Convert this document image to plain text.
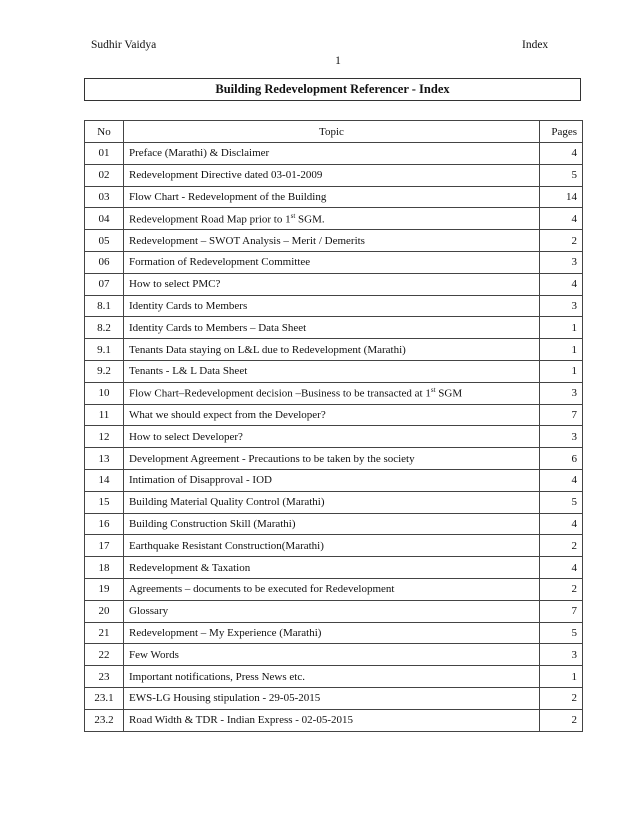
Sudhir Vaidya	Index
1
Building Redevelopment Referencer - Index
No	Topic	Pages
01	Preface (Marathi) & Disclaimer	4
02	Redevelopment Directive dated 03-01-2009	5
03	Flow Chart - Redevelopment of the Building	14
04	Redevelopment Road Map prior to 1st SGM.	4
05	Redevelopment – SWOT Analysis – Merit / Demerits	2
06	Formation of Redevelopment Committee	3
07	How to select PMC?	4
8.1	Identity Cards to Members	3
8.2	Identity Cards to Members – Data Sheet	1
9.1	Tenants Data staying on L&L due to Redevelopment (Marathi)	1
9.2	Tenants - L& L Data Sheet	1
10	Flow Chart–Redevelopment decision –Business to be transacted at 1st SGM	3
11	What we should expect from the Developer?	7
12	How to select Developer?	3
13	Development Agreement - Precautions to be taken by the society	6
14	Intimation of Disapproval - IOD	4
15	Building Material Quality Control (Marathi)	5
16	Building Construction Skill (Marathi)	4
17	Earthquake Resistant Construction(Marathi)	2
18	Redevelopment & Taxation	4
19	Agreements – documents to be executed for Redevelopment	2
20	Glossary	7
21	Redevelopment – My Experience (Marathi)	5
22	Few Words	3
23	Important notifications, Press News etc.	1
23.1	EWS-LG Housing stipulation - 29-05-2015	2
23.2	Road Width & TDR - Indian Express - 02-05-2015	2
